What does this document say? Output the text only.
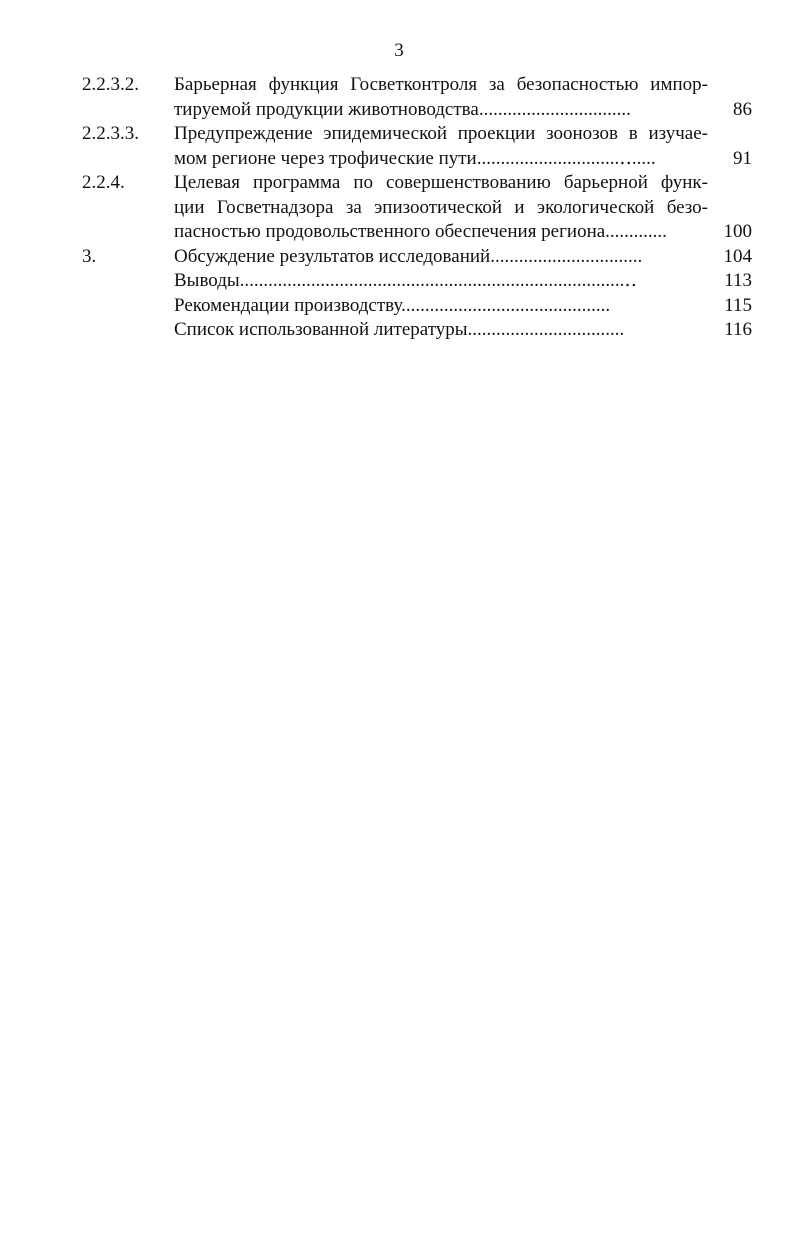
3
2.2.3.2.	Барьерная функция Госветконтроля за безопасностью импор-
тируемой продукции животноводства................................	86
2.2.3.3.	Предупреждение эпидемической проекции зоонозов в изучае-
мом регионе через трофические пути..............................‥.....	91
2.2.4.	Целевая программа по совершенствованию барьерной функ-
ции Госветнадзора за эпизоотической и экологической безо-
пасностью продовольственного обеспечения региона.............	100
3.	Обсуждение результатов исследований................................	104
Выводы.................................................................................‥	113
Рекомендации производству............................................	115
Список использованной литературы.................................	116
